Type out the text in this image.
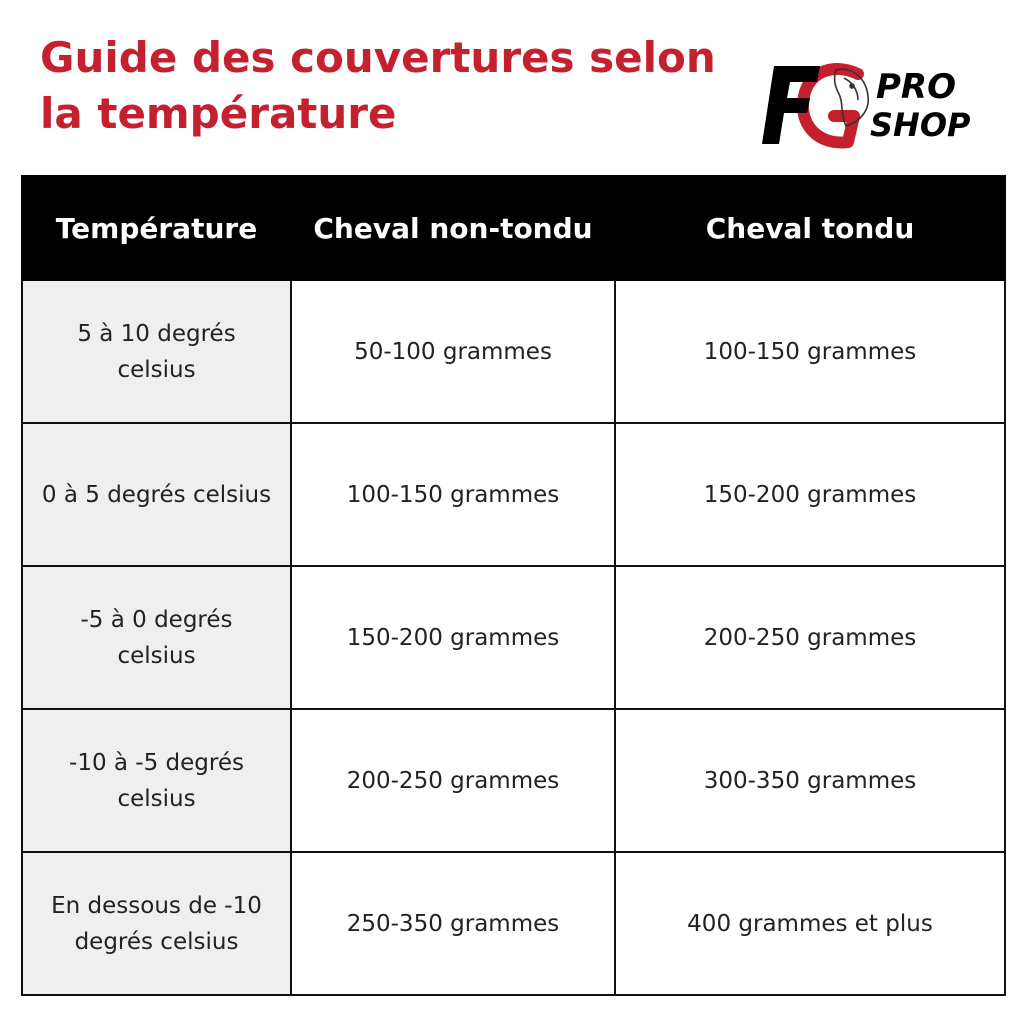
Guide des couvertures selon
la température
PRO
SHOP
Température	Cheval non-tondu	Cheval tondu
5 à 10 degrés celsius	50-100 grammes	100-150 grammes
0 à 5 degrés celsius	100-150 grammes	150-200 grammes
-5 à 0 degrés celsius	150-200 grammes	200-250 grammes
-10 à -5 degrés celsius	200-250 grammes	300-350 grammes
En dessous de -10 degrés celsius	250-350 grammes	400 grammes et plus
